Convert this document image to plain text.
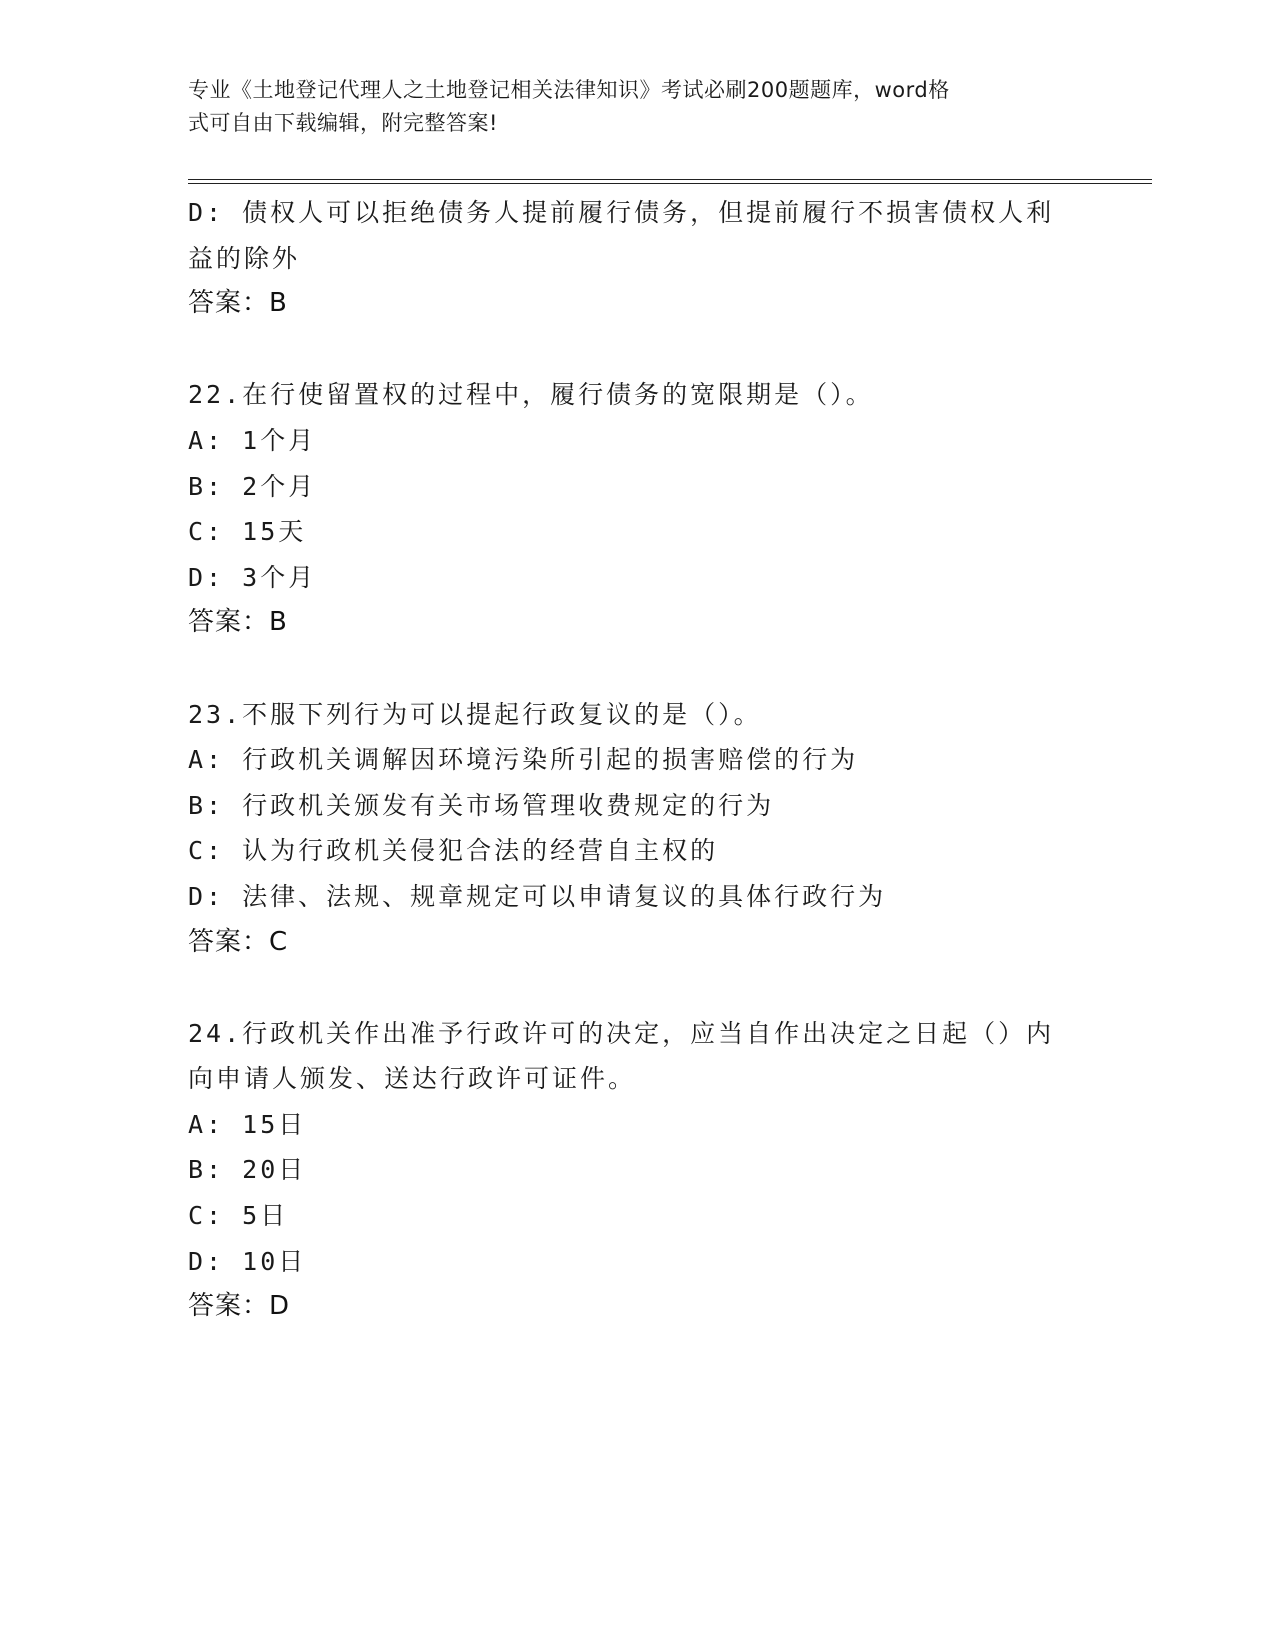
专业《土地登记代理人之土地登记相关法律知识》考试必刷200题题库，word格
式可自由下载编辑，附完整答案!
D: 债权人可以拒绝债务人提前履行债务，但提前履行不损害债权人利
益的除外
答案：B
22.在行使留置权的过程中，履行债务的宽限期是（）。
A: 1个月
B: 2个月
C: 15天
D: 3个月
答案：B
23.不服下列行为可以提起行政复议的是（）。
A: 行政机关调解因环境污染所引起的损害赔偿的行为
B: 行政机关颁发有关市场管理收费规定的行为
C: 认为行政机关侵犯合法的经营自主权的
D: 法律、法规、规章规定可以申请复议的具体行政行为
答案：C
24.行政机关作出准予行政许可的决定，应当自作出决定之日起（）内
向申请人颁发、送达行政许可证件。
A: 15日
B: 20日
C: 5日
D: 10日
答案：D
